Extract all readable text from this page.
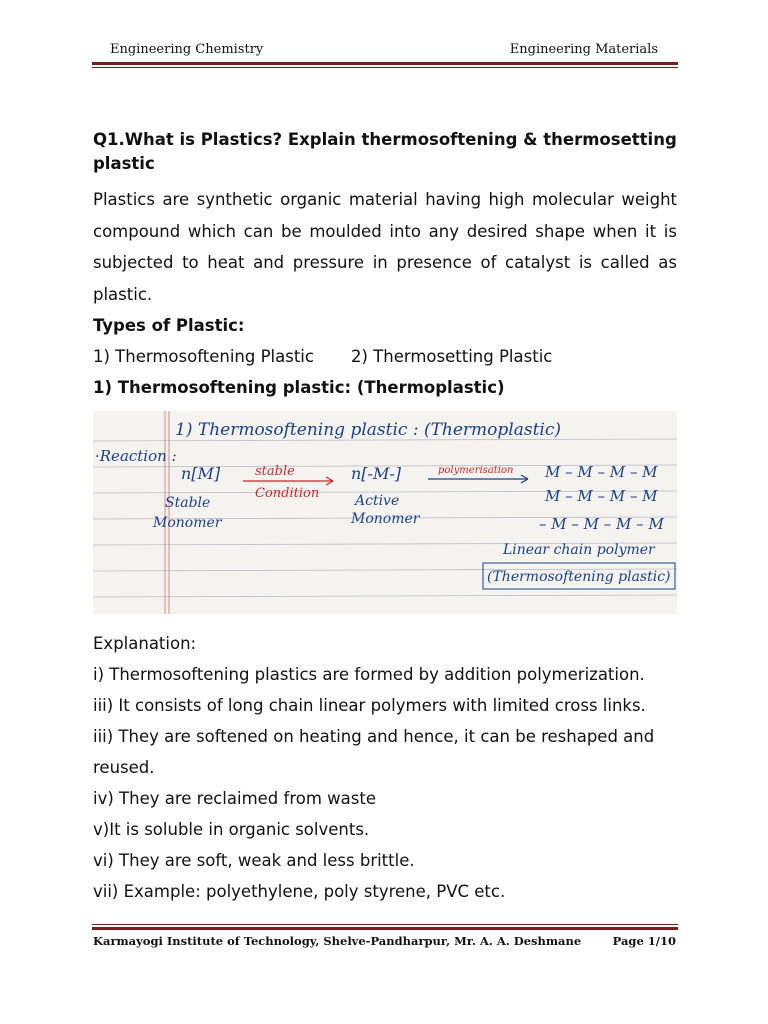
Engineering Chemistry	Engineering Materials

Q1.What is Plastics? Explain thermosoftening & thermosetting plastic

Plastics are synthetic organic material having high molecular weight compound which can be moulded into any desired shape when it is subjected to heat and pressure in presence of catalyst is called as plastic.

Types of Plastic:

1) Thermosoftening Plastic	2) Thermosetting Plastic

1) Thermosoftening plastic: (Thermoplastic)

1) Thermosoftening plastic : (Thermoplastic)
·Reaction :
n[M]	stable
Condition
n[-M-]	polymerisation M – M – M – M
M – M – M – M
– M – M – M – M
Stable
Monomer
Active
Monomer
Linear chain polymer
(Thermosoftening plastic)

Explanation:

i) Thermosoftening plastics are formed by addition polymerization.

iii) It consists of long chain linear polymers with limited cross links.

iii) They are softened on heating and hence, it can be reshaped and

reused.

iv) They are reclaimed from waste

v)It is soluble in organic solvents.

vi) They are soft, weak and less brittle.

vii) Example: polyethylene, poly styrene, PVC etc.

Karmayogi Institute of Technology, Shelve-Pandharpur, Mr. A. A. Deshmane	Page 1/10
